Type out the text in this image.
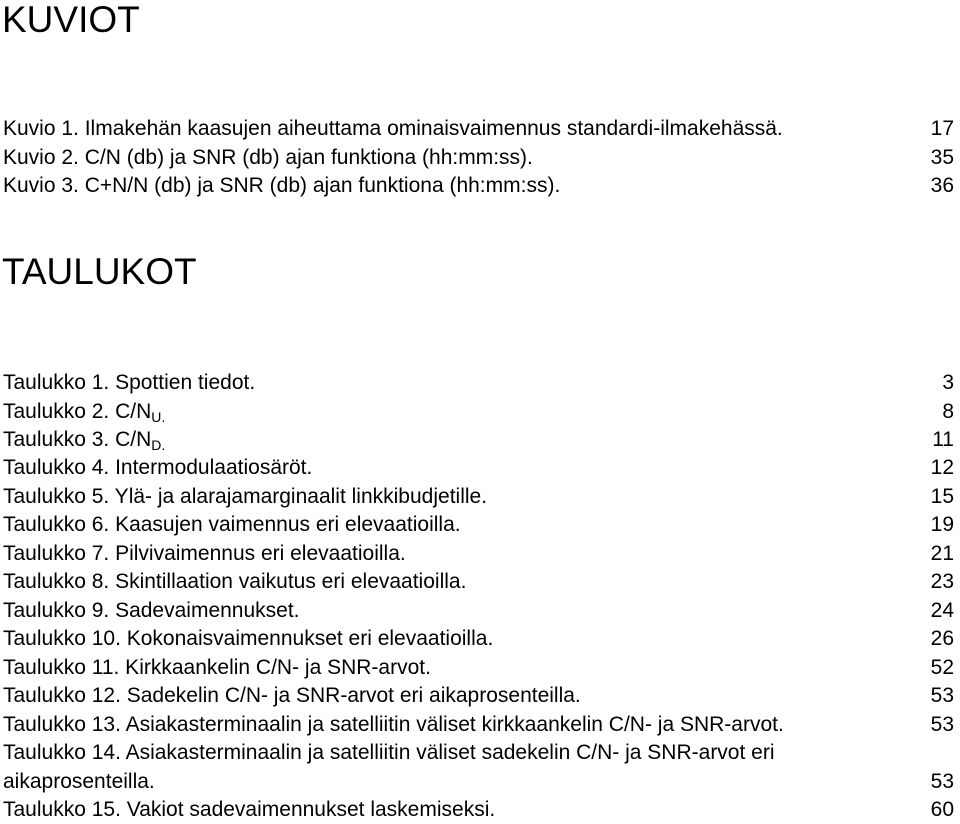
KUVIOT
Kuvio 1. Ilmakehän kaasujen aiheuttama ominaisvaimennus standardi-ilmakehässä.	17
Kuvio 2. C/N (db) ja SNR (db) ajan funktiona (hh:mm:ss).	35
Kuvio 3. C+N/N (db) ja SNR (db) ajan funktiona (hh:mm:ss).	36
TAULUKOT
Taulukko 1. Spottien tiedot.	3
Taulukko 2. C/NU.	8
Taulukko 3. C/ND.	11
Taulukko 4. Intermodulaatiosäröt.	12
Taulukko 5. Ylä- ja alarajamarginaalit linkkibudjetille.	15
Taulukko 6. Kaasujen vaimennus eri elevaatioilla.	19
Taulukko 7. Pilvivaimennus eri elevaatioilla.	21
Taulukko 8. Skintillaation vaikutus eri elevaatioilla.	23
Taulukko 9. Sadevaimennukset.	24
Taulukko 10. Kokonaisvaimennukset eri elevaatioilla.	26
Taulukko 11. Kirkkaankelin C/N- ja SNR-arvot.	52
Taulukko 12. Sadekelin C/N- ja SNR-arvot eri aikaprosenteilla.	53
Taulukko 13. Asiakasterminaalin ja satelliitin väliset kirkkaankelin C/N- ja SNR-arvot.	53
Taulukko 14. Asiakasterminaalin ja satelliitin väliset sadekelin C/N- ja SNR-arvot eri
aikaprosenteilla.	53
Taulukko 15. Vakiot sadevaimennukset laskemiseksi.	60
